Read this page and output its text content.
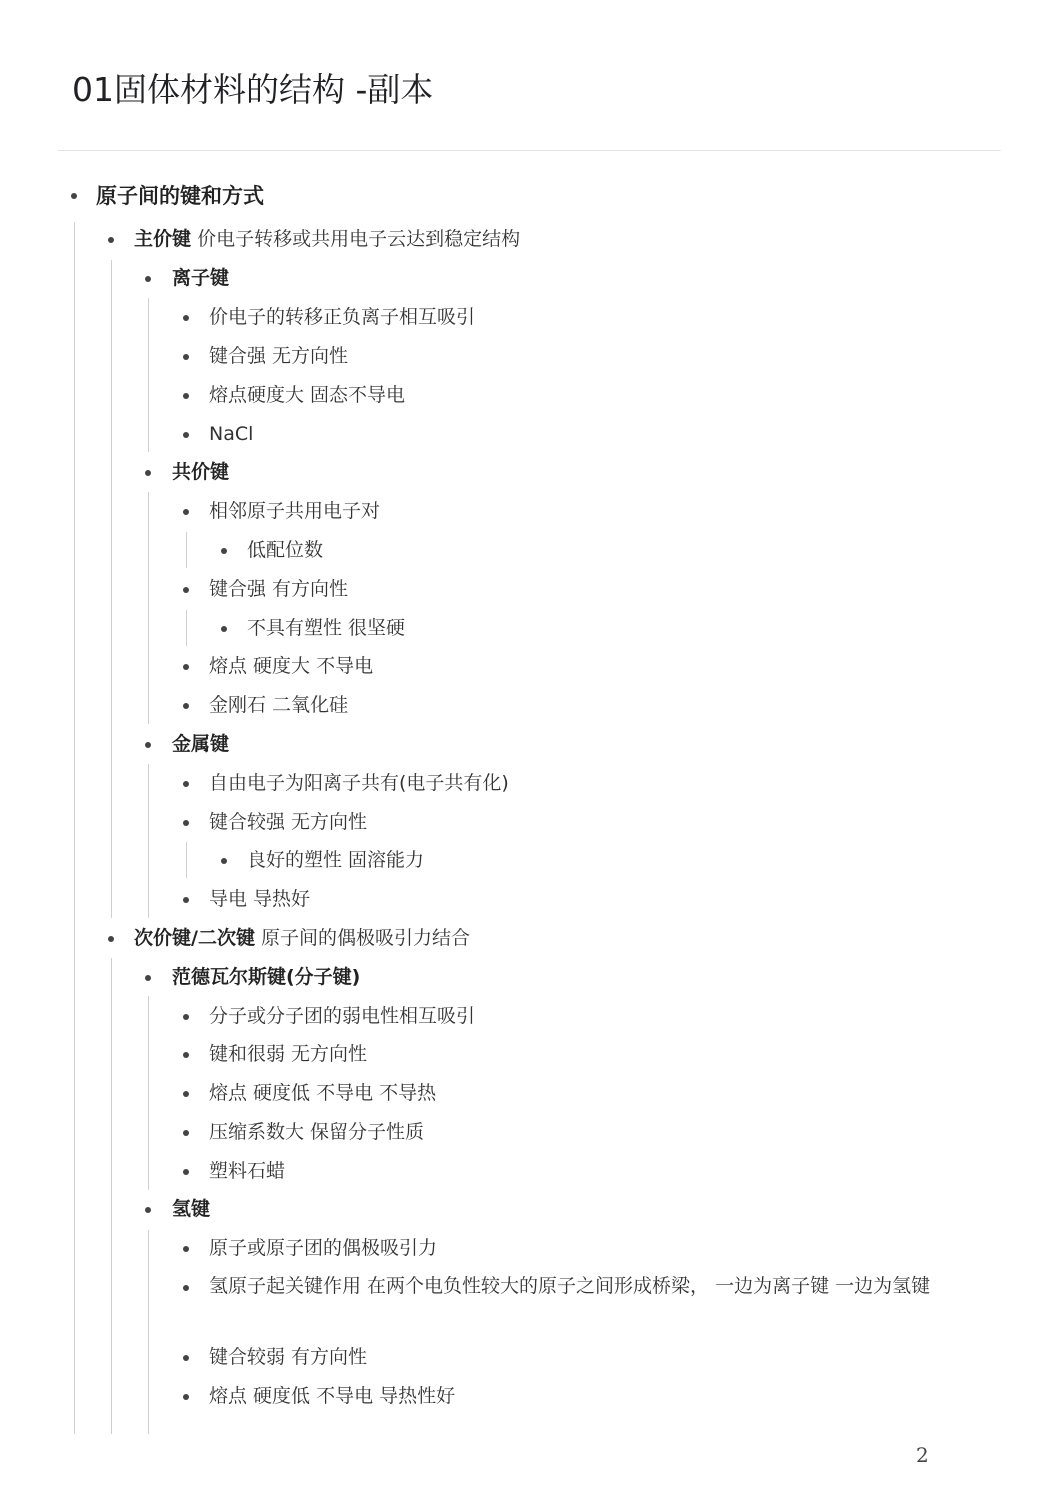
01固体材料的结构 -副本
原子间的键和方式
主价键 价电子转移或共用电子云达到稳定结构
离子键
价电子的转移正负离子相互吸引
键合强 无方向性
熔点硬度大 固态不导电
NaCl
共价键
相邻原子共用电子对
低配位数
键合强 有方向性
不具有塑性 很坚硬
熔点 硬度大 不导电
金刚石 二氧化硅
金属键
自由电子为阳离子共有(电子共有化)
键合较强 无方向性
良好的塑性 固溶能力
导电 导热好
次价键/二次键 原子间的偶极吸引力结合
范德瓦尔斯键(分子键)
分子或分子团的弱电性相互吸引
键和很弱 无方向性
熔点 硬度低 不导电 不导热
压缩系数大 保留分子性质
塑料石蜡
氢键
原子或原子团的偶极吸引力
氢原子起关键作用 在两个电负性较大的原子之间形成桥梁， 一边为离子键 一边为氢键
键合较弱 有方向性
熔点 硬度低 不导电 导热性好
2
